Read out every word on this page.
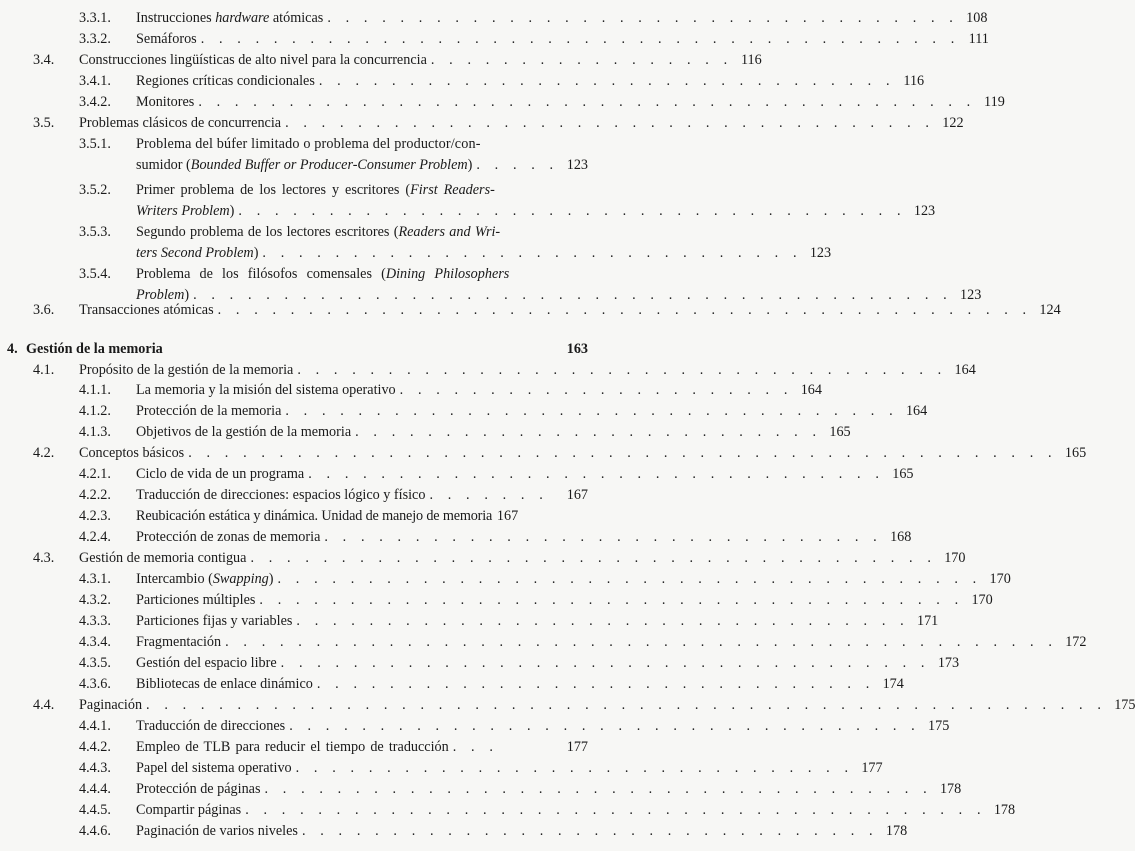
3.3.1. Instrucciones hardware atómicas . . . . . . . . . . . . . . . . . . . . . . . . . . . . . . . . . . . 108
3.3.2. Semáforos . . . . . . . . . . . . . . . . . . . . . . . . . . . . . . . . . . . . . . . . . . 111
3.4. Construcciones lingüísticas de alto nivel para la concurrencia . . . . . . . . . . . . . . . . . 116
3.4.1. Regiones críticas condicionales . . . . . . . . . . . . . . . . . . . . . . . . . . . . . . . . 116
3.4.2. Monitores . . . . . . . . . . . . . . . . . . . . . . . . . . . . . . . . . . . . . . . . . . . 119
3.5. Problemas clásicos de concurrencia . . . . . . . . . . . . . . . . . . . . . . . . . . . . . . . . . . . . 122
3.5.1. Problema del búfer limitado o problema del productor/con-
sumidor (Bounded Buffer or Producer-Consumer Problem) . . . . . 123
3.5.2. Primer problema de los lectores y escritores (First Readers-
Writers Problem) . . . . . . . . . . . . . . . . . . . . . . . . . . . . . . . . . . . . . 123
3.5.3. Segundo problema de los lectores escritores (Readers and Wri-
ters Second Problem) . . . . . . . . . . . . . . . . . . . . . . . . . . . . . . 123
3.5.4. Problema de los filósofos comensales (Dining Philosophers
Problem) . . . . . . . . . . . . . . . . . . . . . . . . . . . . . . . . . . . . . . . . . . 123
3.6. Transacciones atómicas . . . . . . . . . . . . . . . . . . . . . . . . . . . . . . . . . . . . . . . . . . . . . 124
4. Gestión de la memoria	163
4.1. Propósito de la gestión de la memoria . . . . . . . . . . . . . . . . . . . . . . . . . . . . . . . . . . . . 164
4.1.1. La memoria y la misión del sistema operativo . . . . . . . . . . . . . . . . . . . . . . 164
4.1.2. Protección de la memoria . . . . . . . . . . . . . . . . . . . . . . . . . . . . . . . . . . 164
4.1.3. Objetivos de la gestión de la memoria . . . . . . . . . . . . . . . . . . . . . . . . . . 165
4.2. Conceptos básicos . . . . . . . . . . . . . . . . . . . . . . . . . . . . . . . . . . . . . . . . . . . . . . . . 165
4.2.1. Ciclo de vida de un programa . . . . . . . . . . . . . . . . . . . . . . . . . . . . . . . . 165
4.2.2. Traducción de direcciones: espacios lógico y físico . . . . . . .	167
4.2.3. Reubicación estática y dinámica. Unidad de manejo de memoria 167
4.2.4. Protección de zonas de memoria . . . . . . . . . . . . . . . . . . . . . . . . . . . . . . . 168
4.3. Gestión de memoria contigua . . . . . . . . . . . . . . . . . . . . . . . . . . . . . . . . . . . . . . 170
4.3.1. Intercambio (Swapping) . . . . . . . . . . . . . . . . . . . . . . . . . . . . . . . . . . . . . . . 170
4.3.2. Particiones múltiples . . . . . . . . . . . . . . . . . . . . . . . . . . . . . . . . . . . . . . . 170
4.3.3. Particiones fijas y variables . . . . . . . . . . . . . . . . . . . . . . . . . . . . . . . . . . 171
4.3.4. Fragmentación . . . . . . . . . . . . . . . . . . . . . . . . . . . . . . . . . . . . . . . . . . . . . . 172
4.3.5. Gestión del espacio libre . . . . . . . . . . . . . . . . . . . . . . . . . . . . . . . . . . . . 173
4.3.6. Bibliotecas de enlace dinámico . . . . . . . . . . . . . . . . . . . . . . . . . . . . . . . 174
4.4. Paginación . . . . . . . . . . . . . . . . . . . . . . . . . . . . . . . . . . . . . . . . . . . . . . . . . . . . . 175
4.4.1. Traducción de direcciones . . . . . . . . . . . . . . . . . . . . . . . . . . . . . . . . . . . 175
4.4.2. Empleo de TLB para reducir el tiempo de traducción . . .	177
4.4.3. Papel del sistema operativo . . . . . . . . . . . . . . . . . . . . . . . . . . . . . . . 177
4.4.4. Protección de páginas . . . . . . . . . . . . . . . . . . . . . . . . . . . . . . . . . . . . . 178
4.4.5. Compartir páginas . . . . . . . . . . . . . . . . . . . . . . . . . . . . . . . . . . . . . . . . . 178
4.4.6. Paginación de varios niveles . . . . . . . . . . . . . . . . . . . . . . . . . . . . . . . . 178
